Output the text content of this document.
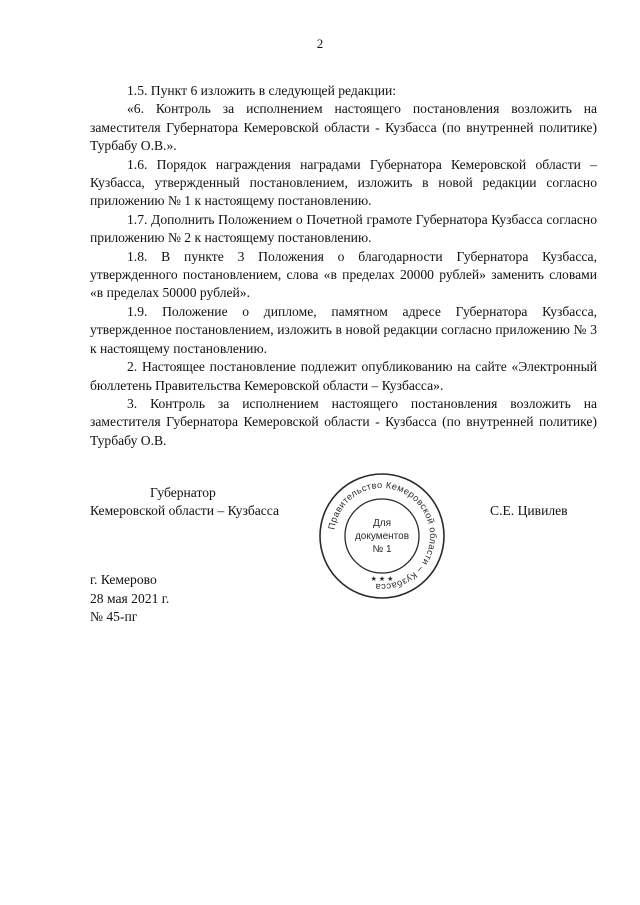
2

1.5. Пункт 6 изложить в следующей редакции:

«6. Контроль за исполнением настоящего постановления возложить на заместителя Губернатора Кемеровской области - Кузбасса (по внутренней политике) Турбабу О.В.».

1.6. Порядок награждения наградами Губернатора Кемеровской области – Кузбасса, утвержденный постановлением, изложить в новой редакции согласно приложению № 1 к настоящему постановлению.

1.7. Дополнить Положением о Почетной грамоте Губернатора Кузбасса согласно приложению № 2 к настоящему постановлению.

1.8. В пункте 3 Положения о благодарности Губернатора Кузбасса, утвержденного постановлением, слова «в пределах 20000 рублей» заменить словами «в пределах 50000 рублей».

1.9. Положение о дипломе, памятном адресе Губернатора Кузбасса, утвержденное постановлением, изложить в новой редакции согласно приложению № 3 к настоящему постановлению.

2. Настоящее постановление подлежит опубликованию на сайте «Электронный бюллетень Правительства Кемеровской области – Кузбасса».

3. Контроль за исполнением настоящего постановления возложить на заместителя Губернатора Кемеровской области - Кузбасса (по внутренней политике) Турбабу О.В.

Губернатор
Кемеровской области – Кузбасса	С.Е. Цивилев
Правительство Кемеровской области – Кузбасса
★ ★ ★
Для
документов
№ 1
г. Кемерово
28 мая 2021 г.
№ 45-пг
